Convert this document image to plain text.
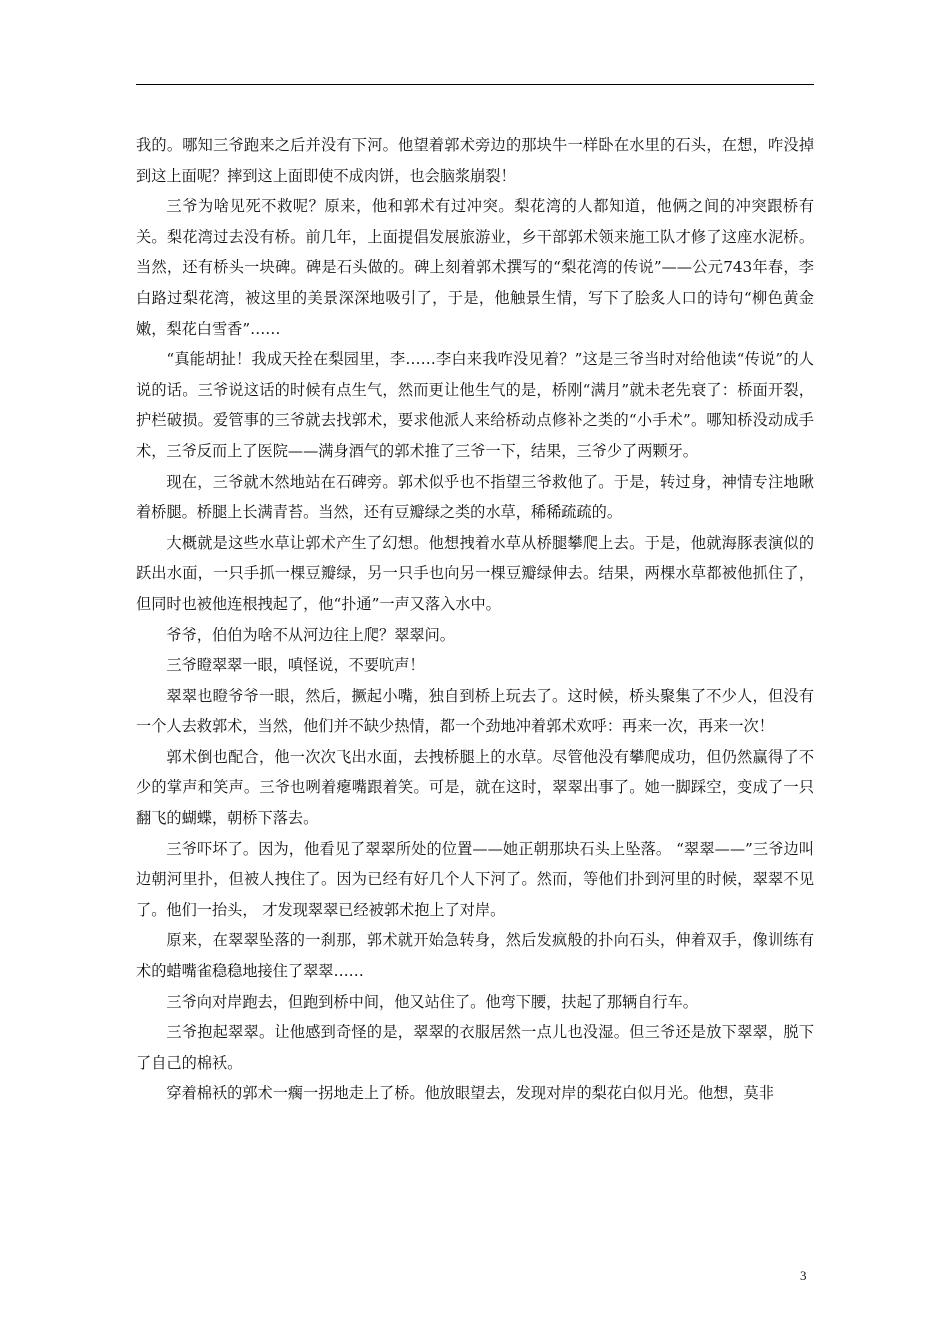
我的。哪知三爷跑来之后并没有下河。他望着郭术旁边的那块牛一样卧在水里的石头，在想，咋没掉到这上面呢？摔到这上面即使不成肉饼，也会脑浆崩裂！

三爷为啥见死不救呢？原来，他和郭术有过冲突。梨花湾的人都知道，他俩之间的冲突跟桥有关。梨花湾过去没有桥。前几年，上面提倡发展旅游业，乡干部郭术领来施工队才修了这座水泥桥。当然，还有桥头一块碑。碑是石头做的。碑上刻着郭术撰写的“梨花湾的传说”——公元743年春，李白路过梨花湾，被这里的美景深深地吸引了，于是，他触景生情，写下了脍炙人口的诗句“柳色黄金嫩，梨花白雪香”……

“真能胡扯！我成天拴在梨园里，李……李白来我咋没见着？”这是三爷当时对给他读“传说”的人说的话。三爷说这话的时候有点生气，然而更让他生气的是，桥刚“满月”就未老先衰了：桥面开裂，护栏破损。爱管事的三爷就去找郭术，要求他派人来给桥动点修补之类的“小手术”。哪知桥没动成手术，三爷反而上了医院——满身酒气的郭术推了三爷一下，结果，三爷少了两颗牙。

现在，三爷就木然地站在石碑旁。郭术似乎也不指望三爷救他了。于是，转过身，神情专注地瞅着桥腿。桥腿上长满青苔。当然，还有豆瓣绿之类的水草，稀稀疏疏的。

大概就是这些水草让郭术产生了幻想。他想拽着水草从桥腿攀爬上去。于是，他就海豚表演似的跃出水面，一只手抓一棵豆瓣绿，另一只手也向另一棵豆瓣绿伸去。结果，两棵水草都被他抓住了，但同时也被他连根拽起了，他“扑通”一声又落入水中。

爷爷，伯伯为啥不从河边往上爬？翠翠问。

三爷瞪翠翠一眼，嗔怪说，不要吭声！

翠翠也瞪爷爷一眼，然后，撅起小嘴，独自到桥上玩去了。这时候，桥头聚集了不少人，但没有一个人去救郭术，当然，他们并不缺少热情，都一个劲地冲着郭术欢呼：再来一次，再来一次！

郭术倒也配合，他一次次飞出水面，去拽桥腿上的水草。尽管他没有攀爬成功，但仍然赢得了不少的掌声和笑声。三爷也咧着瘪嘴跟着笑。可是，就在这时，翠翠出事了。她一脚踩空，变成了一只翻飞的蝴蝶，朝桥下落去。

三爷吓坏了。因为，他看见了翠翠所处的位置——她正朝那块石头上坠落。 “翠翠——”三爷边叫边朝河里扑，但被人拽住了。因为已经有好几个人下河了。然而，等他们扑到河里的时候，翠翠不见了。他们一抬头， 才发现翠翠已经被郭术抱上了对岸。

原来，在翠翠坠落的一刹那，郭术就开始急转身，然后发疯般的扑向石头，伸着双手，像训练有术的蜡嘴雀稳稳地接住了翠翠……

三爷向对岸跑去，但跑到桥中间，他又站住了。他弯下腰，扶起了那辆自行车。

三爷抱起翠翠。让他感到奇怪的是，翠翠的衣服居然一点儿也没湿。但三爷还是放下翠翠，脱下了自己的棉袄。

穿着棉袄的郭术一瘸一拐地走上了桥。他放眼望去，发现对岸的梨花白似月光。他想，莫非

3
